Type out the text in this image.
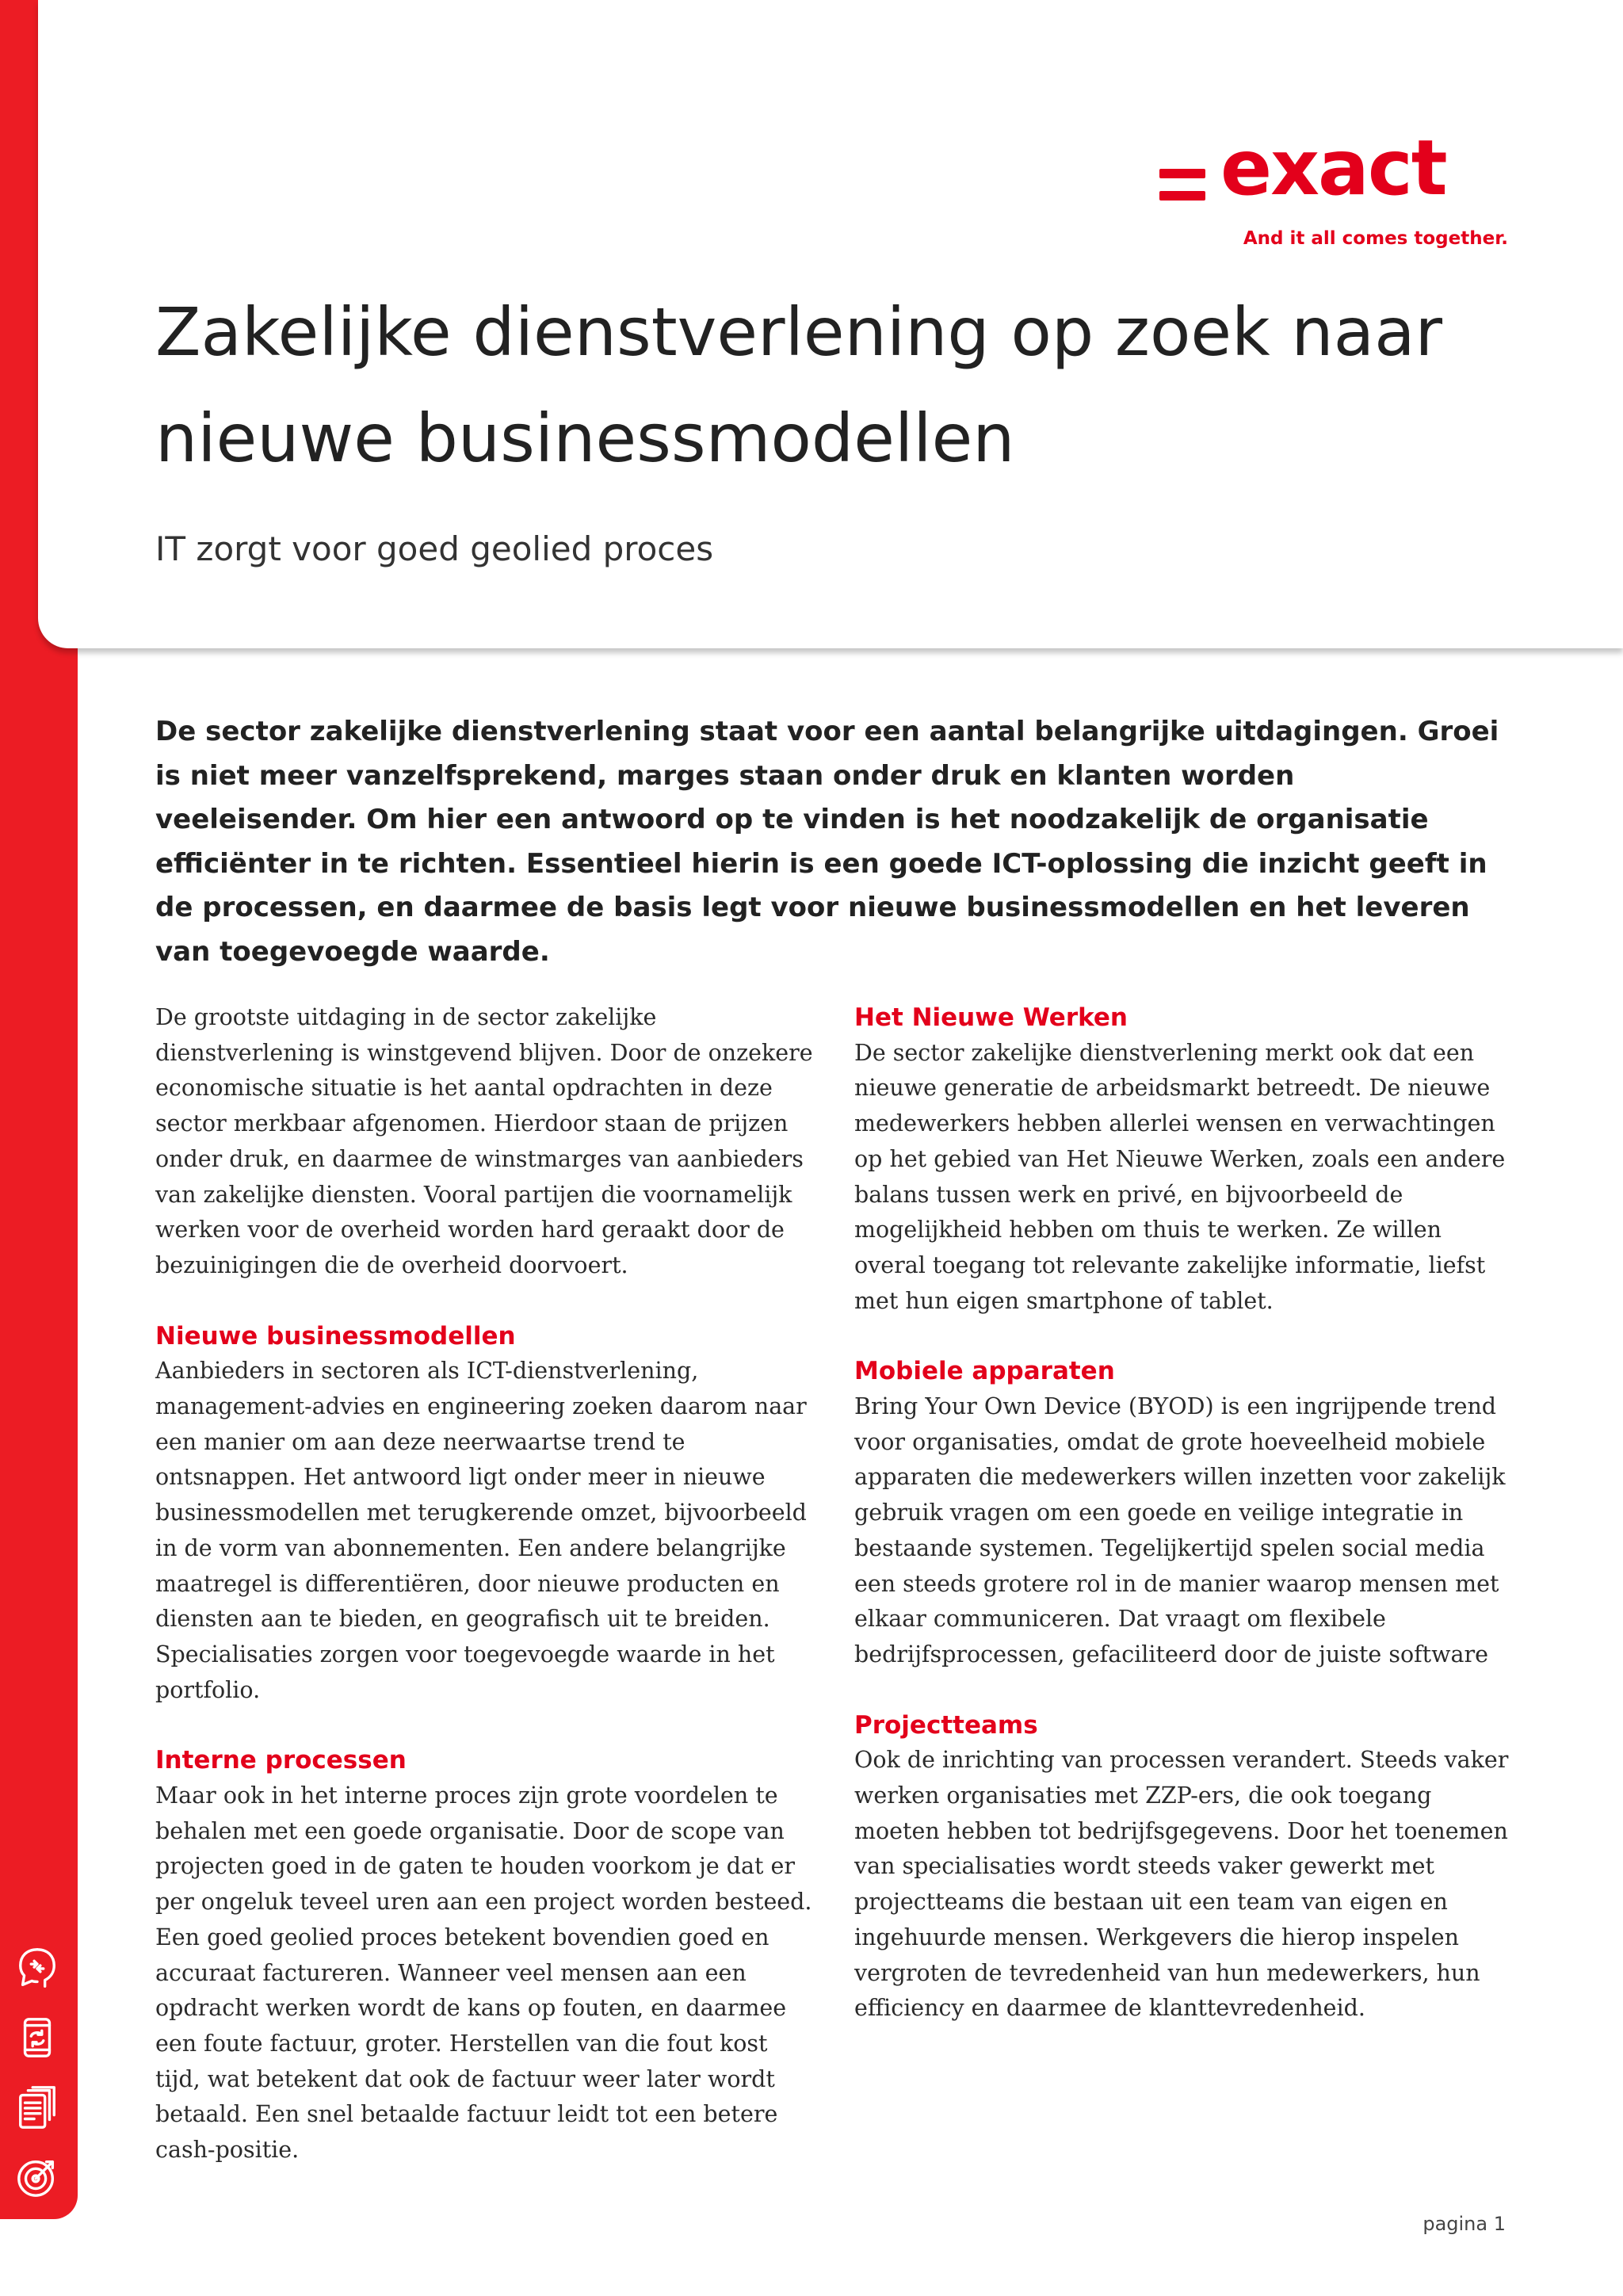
exact
And it all comes together.
Zakelijke dienstverlening op zoek naar nieuwe businessmodellen
IT zorgt voor goed geolied proces

De sector zakelijke dienstverlening staat voor een aantal belangrijke uitdagingen. Groei is niet meer vanzelfsprekend, marges staan onder druk en klanten worden veeleisender. Om hier een antwoord op te vinden is het noodzakelijk de organisatie efficiënter in te richten. Essentieel hierin is een goede ICT-oplossing die inzicht geeft in de processen, en daarmee de basis legt voor nieuwe businessmodellen en het leveren van toegevoegde waarde.

De grootste uitdaging in de sector zakelijke dienstverlening is winstgevend blijven. Door de onzekere economische situatie is het aantal opdrachten in deze sector merkbaar afgenomen. Hierdoor staan de prijzen onder druk, en daarmee de winstmarges van aanbieders van zakelijke diensten. Vooral partijen die voornamelijk werken voor de overheid worden hard geraakt door de bezuinigingen die de overheid doorvoert.

Nieuwe businessmodellen

Aanbieders in sectoren als ICT-dienstverlening, management-advies en engineering zoeken daarom naar een manier om aan deze neerwaartse trend te ontsnappen. Het antwoord ligt onder meer in nieuwe businessmodellen met terugkerende omzet, bijvoorbeeld in de vorm van abonnementen. Een andere belangrijke maatregel is differentiëren, door nieuwe producten en diensten aan te bieden, en geografisch uit te breiden. Specialisaties zorgen voor toegevoegde waarde in het portfolio.

Interne processen

Maar ook in het interne proces zijn grote voordelen te behalen met een goede organisatie. Door de scope van projecten goed in de gaten te houden voorkom je dat er per ongeluk teveel uren aan een project worden besteed. Een goed geolied proces betekent bovendien goed en accuraat factureren. Wanneer veel mensen aan een opdracht werken wordt de kans op fouten, en daarmee een foute factuur, groter. Herstellen van die fout kost tijd, wat betekent dat ook de factuur weer later wordt betaald. Een snel betaalde factuur leidt tot een betere cash-positie.

Het Nieuwe Werken

De sector zakelijke dienstverlening merkt ook dat een nieuwe generatie de arbeidsmarkt betreedt. De nieuwe medewerkers hebben allerlei wensen en verwachtingen op het gebied van Het Nieuwe Werken, zoals een andere balans tussen werk en privé, en bijvoorbeeld de mogelijkheid hebben om thuis te werken. Ze willen overal toegang tot relevante zakelijke informatie, liefst met hun eigen smartphone of tablet.

Mobiele apparaten

Bring Your Own Device (BYOD) is een ingrijpende trend voor organisaties, omdat de grote hoeveelheid mobiele apparaten die medewerkers willen inzetten voor zakelijk gebruik vragen om een goede en veilige integratie in bestaande systemen. Tegelijkertijd spelen social media een steeds grotere rol in de manier waarop mensen met elkaar communiceren. Dat vraagt om flexibele bedrijfsprocessen, gefaciliteerd door de juiste software

Projectteams

Ook de inrichting van processen verandert. Steeds vaker werken organisaties met ZZP-ers, die ook toegang moeten hebben tot bedrijfsgegevens. Door het toenemen van specialisaties wordt steeds vaker gewerkt met projectteams die bestaan uit een team van eigen en ingehuurde mensen. Werkgevers die hierop inspelen vergroten de tevredenheid van hun medewerkers, hun efficiency en daarmee de klanttevredenheid.

pagina 1
